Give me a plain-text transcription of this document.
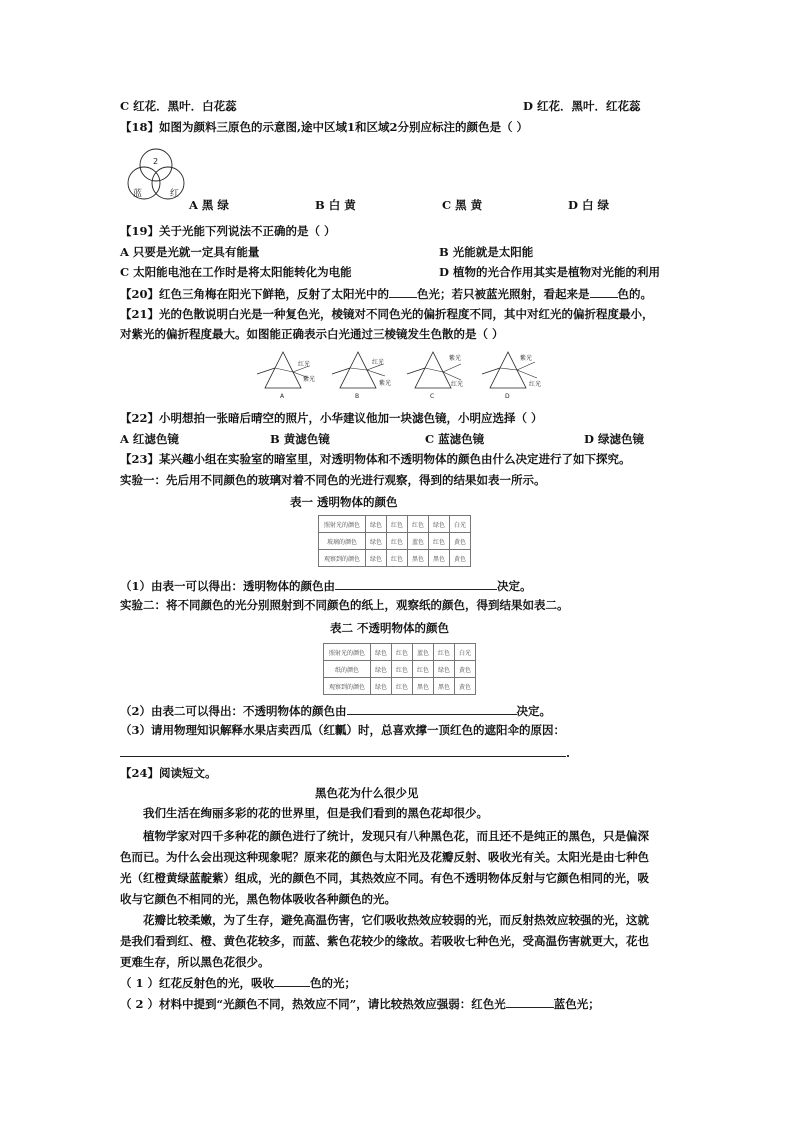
C 红花．黑叶．白花蕊	D 红花．黑叶．红花蕊
【18】如图为颜料三原色的示意图,途中区域1和区域2分别应标注的颜色是（ ）
2
蓝	红
A 黑 绿	B 白 黄	C 黑 黄	D 白 绿
【19】关于光能下列说法不正确的是（ ）
A 只要是光就一定具有能量	B 光能就是太阳能
C 太阳能电池在工作时是将太阳能转化为电能	D 植物的光合作用其实是植物对光能的利用
【20】红色三角梅在阳光下鲜艳，反射了太阳光中的 色光；若只被蓝光照射，看起来是 色的。
【21】光的色散说明白光是一种复色光，棱镜对不同色光的偏折程度不同，其中对红光的偏折程度最小，
对紫光的偏折程度最大。如图能正确表示白光通过三棱镜发生色散的是（ ）
红光
紫光
A
红光
紫光
B
紫光
红光
C
紫光
红光
D
【22】小明想拍一张暗后晴空的照片，小华建议他加一块滤色镜，小明应选择（ ）
A 红滤色镜	B 黄滤色镜	C 蓝滤色镜	D 绿滤色镜
【23】某兴趣小组在实验室的暗室里，对透明物体和不透明物体的颜色由什么决定进行了如下探究。
实验一：先后用不同颜色的玻璃对着不同色的光进行观察，得到的结果如表一所示。
表一 透明物体的颜色
照射光的颜色	绿色	红色	红色	绿色	白光
玻璃的颜色	绿色	红色	蓝色	红色	黄色
观察到的颜色	绿色	红色	黑色	黑色	黄色
（1）由表一可以得出：透明物体的颜色由	决定。
实验二：将不同颜色的光分别照射到不同颜色的纸上，观察纸的颜色，得到结果如表二。
表二 不透明物体的颜色
照射光的颜色	绿色	红色	蓝色	红色	白光
纸的颜色	绿色	红色	红色	绿色	黄色
观察到的颜色	绿色	红色	黑色	黑色	黄色
（2）由表二可以得出：不透明物体的颜色由	决定。
（3）请用物理知识解释水果店卖西瓜（红瓤）时，总喜欢撑一顶红色的遮阳伞的原因：
.
【24】阅读短文。
黑色花为什么很少见
我们生活在绚丽多彩的花的世界里，但是我们看到的黑色花却很少。
植物学家对四千多种花的颜色进行了统计，发现只有八种黑色花，而且还不是纯正的黑色，只是偏深
色而已。为什么会出现这种现象呢？原来花的颜色与太阳光及花瓣反射、吸收光有关。太阳光是由七种色
光（红橙黄绿蓝靛紫）组成，光的颜色不同，其热效应不同。有色不透明物体反射与它颜色相同的光，吸
收与它颜色不相同的光，黑色物体吸收各种颜色的光。
花瓣比较柔嫩，为了生存，避免高温伤害，它们吸收热效应较弱的光，而反射热效应较强的光，这就
是我们看到红、橙、黄色花较多，而蓝、紫色花较少的缘故。若吸收七种色光，受高温伤害就更大，花也
更难生存，所以黑色花很少。
（ 1 ）红花反射色的光，吸收	色的光；
（ 2 ）材料中提到“光颜色不同，热效应不同”，请比较热效应强弱：红色光	蓝色光；
